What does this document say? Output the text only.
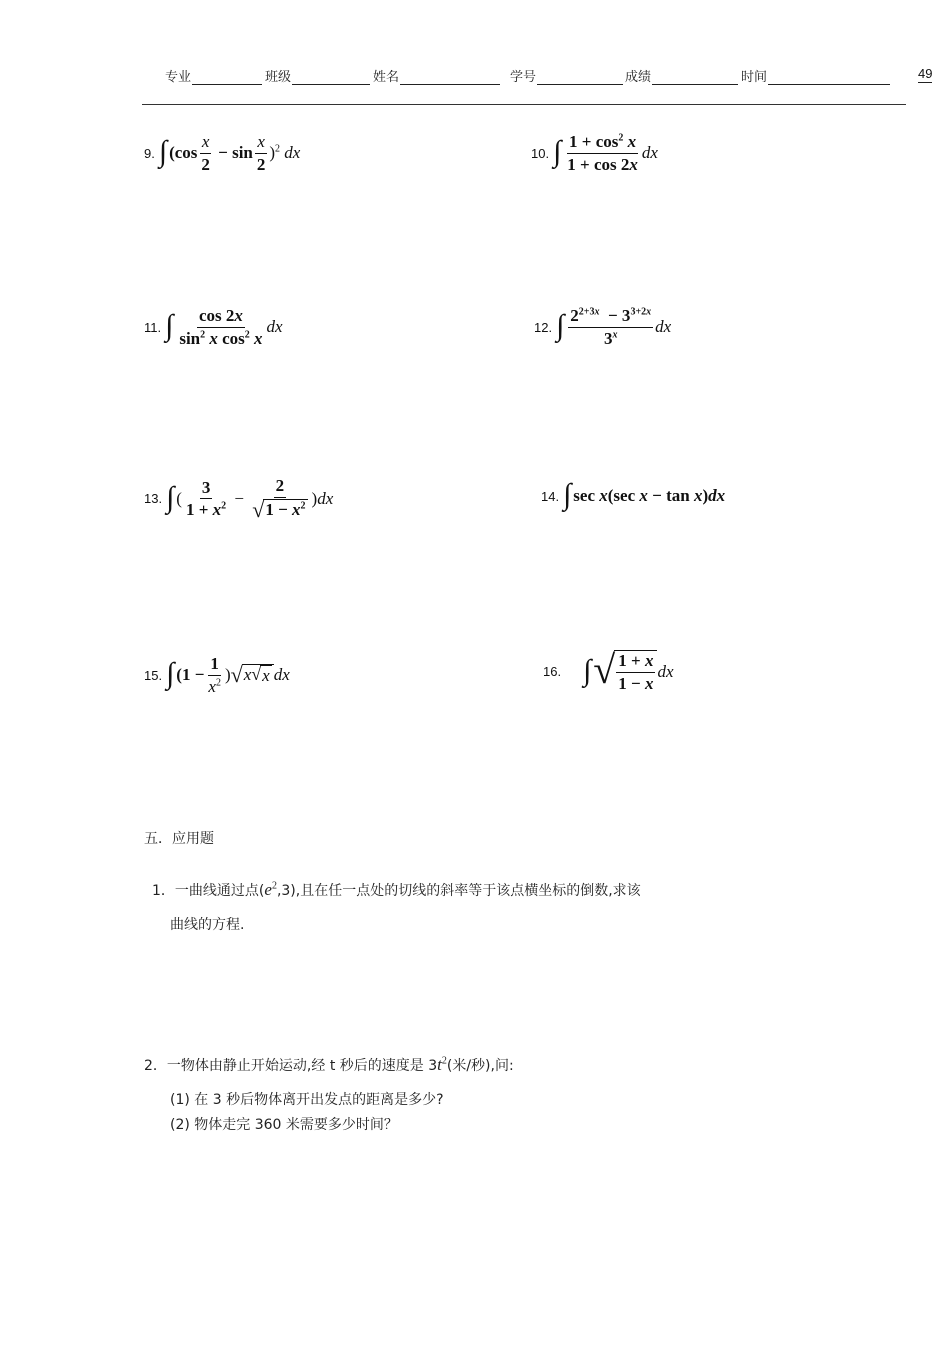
专业	班级	姓名	学号	成绩	时间	49
9. ∫ $(\cos \frac{x}{2} - \sin \frac{x}{2} )^2$ dx	10. ∫ $\frac{1 + \cos^2 x}{1 + \cos 2x}$ dx
11. ∫ $\frac{\cos 2x}{\sin^2 x \cos^2 x}$ dx	12. ∫ $\frac{2^{2+3x} - 3^{3+2x}}{3^x}$ dx
13. ∫ ( $\frac{3}{1 + x^2} - \frac{2}{√ 1 - x^2} )dx$	14. ∫ sec x(sec x − tan x)dx
15. ∫ ($1 - \frac{1}{x^2}$ ) √ x √ x dx	16. ∫ √ $\frac{1 + x}{1 - x}$ dx
五．应用题
1．一曲线通过点$(e^2,3)$,且在任一点处的切线的斜率等于该点横坐标的倒数,求该
曲线的方程.
2．一物体由静止开始运动,经 t 秒后的速度是 $3t^2$(米/秒),问:
(1) 在 3 秒后物体离开出发点的距离是多少?
(2) 物体走完 360 米需要多少时间？
